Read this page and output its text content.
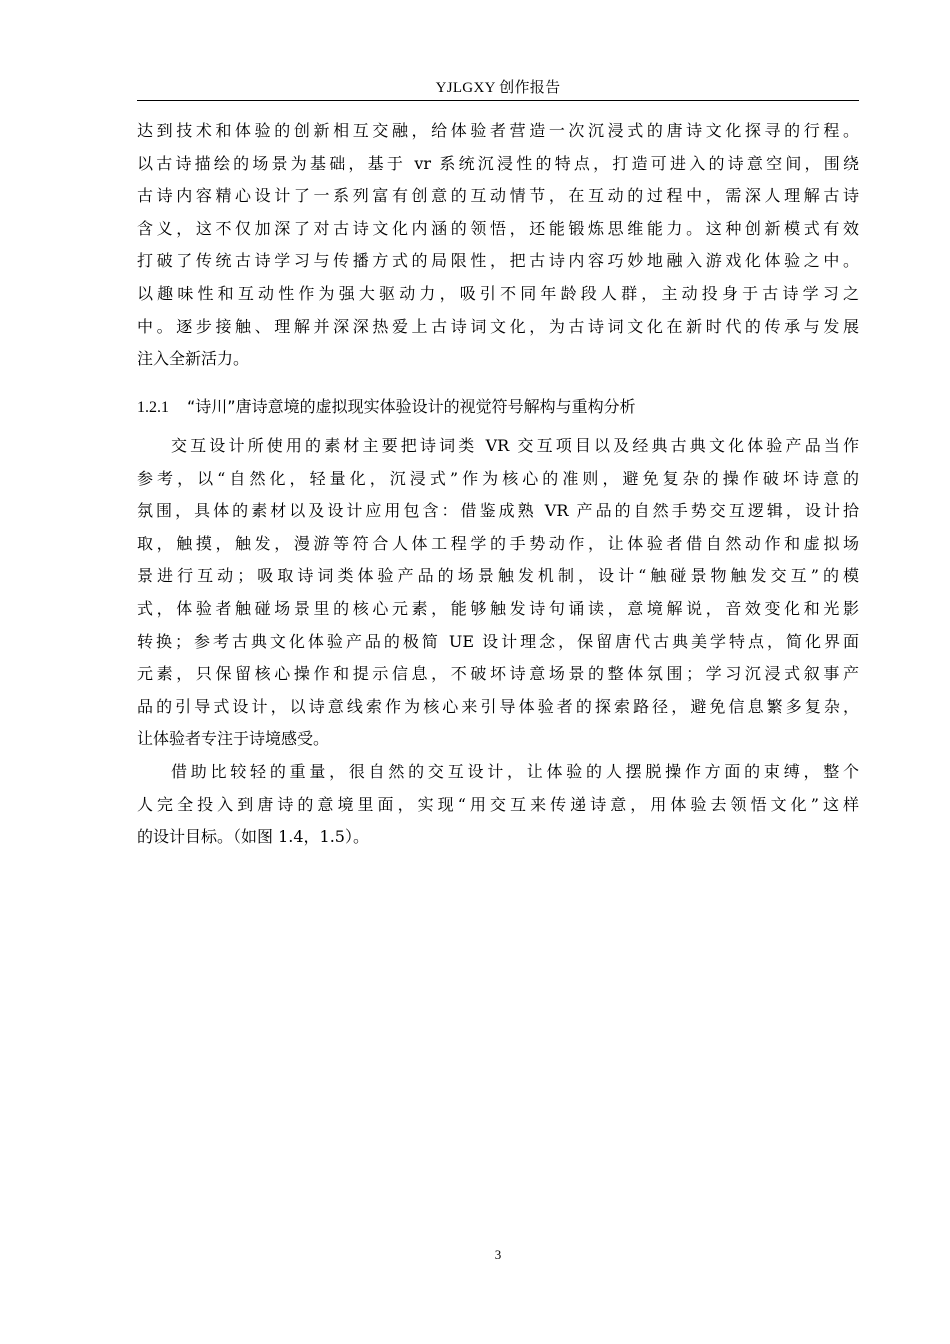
YJLGXY 创作报告
达到技术和体验的创新相互交融，给体验者营造一次沉浸式的唐诗文化探寻的行程。
以古诗描绘的场景为基础，基于 vr 系统沉浸性的特点，打造可进入的诗意空间，围绕
古诗内容精心设计了一系列富有创意的互动情节，在互动的过程中，需深人理解古诗
含义，这不仅加深了对古诗文化内涵的领悟，还能锻炼思维能力。这种创新模式有效
打破了传统古诗学习与传播方式的局限性，把古诗内容巧妙地融入游戏化体验之中。
以趣味性和互动性作为强大驱动力，吸引不同年龄段人群，主动投身于古诗学习之
中。逐步接触、理解并深深热爱上古诗词文化，为古诗词文化在新时代的传承与发展
注入全新活力。
1.2.1 “诗川”唐诗意境的虚拟现实体验设计的视觉符号解构与重构分析
交互设计所使用的素材主要把诗词类 VR 交互项目以及经典古典文化体验产品当作
参考，以“自然化，轻量化，沉浸式”作为核心的准则，避免复杂的操作破坏诗意的
氛围，具体的素材以及设计应用包含：借鉴成熟 VR 产品的自然手势交互逻辑，设计拾
取，触摸，触发，漫游等符合人体工程学的手势动作，让体验者借自然动作和虚拟场
景进行互动；吸取诗词类体验产品的场景触发机制，设计“触碰景物触发交互”的模
式，体验者触碰场景里的核心元素，能够触发诗句诵读，意境解说，音效变化和光影
转换；参考古典文化体验产品的极简 UE 设计理念，保留唐代古典美学特点，简化界面
元素，只保留核心操作和提示信息，不破坏诗意场景的整体氛围；学习沉浸式叙事产
品的引导式设计，以诗意线索作为核心来引导体验者的探索路径，避免信息繁多复杂，
让体验者专注于诗境感受。
借助比较轻的重量，很自然的交互设计，让体验的人摆脱操作方面的束缚，整个
人完全投入到唐诗的意境里面，实现“用交互来传递诗意，用体验去领悟文化”这样
的设计目标。（如图 1.4，1.5）。
3
